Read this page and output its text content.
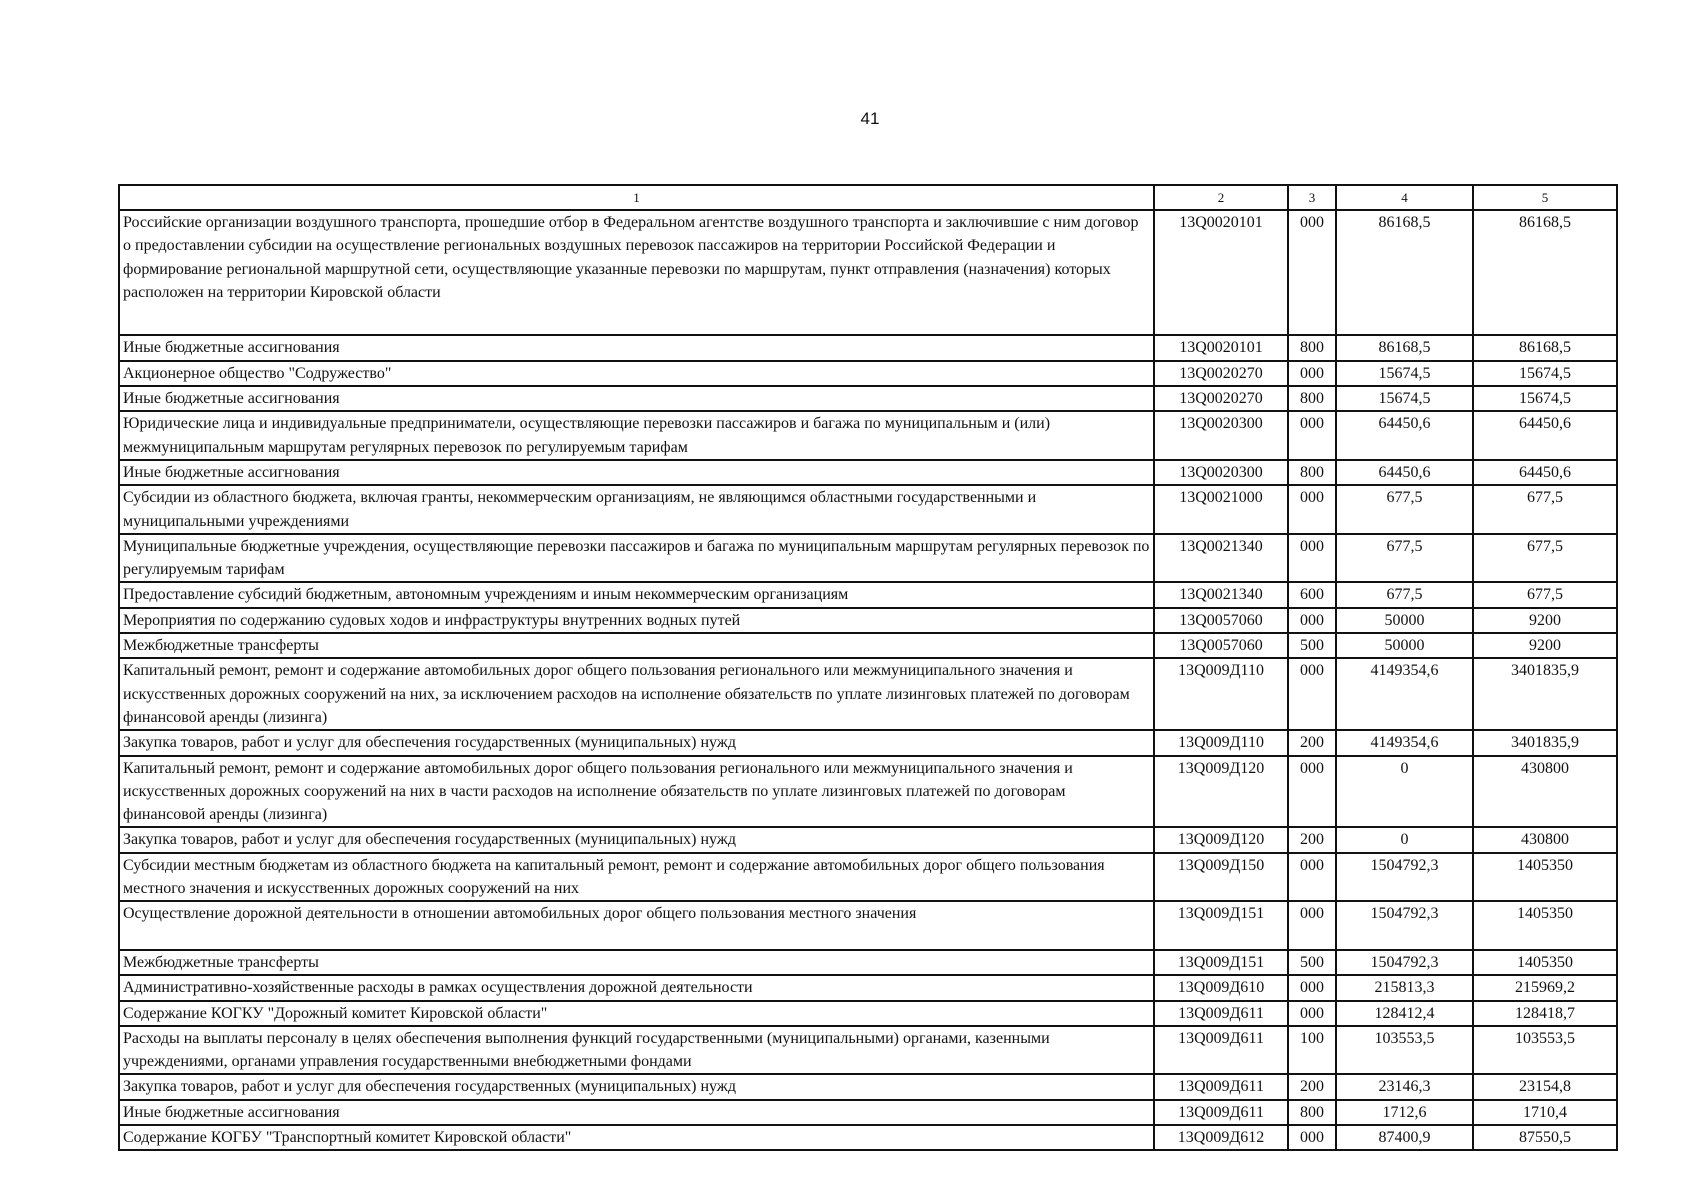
41
1	2	3	4	5
Российские организации воздушного транспорта, прошедшие отбор в Федеральном агентстве воздушного транспорта и заключившие с ним договор о предоставлении субсидии на осуществление региональных воздушных перевозок пассажиров на территории Российской Федерации и формирование региональной маршрутной сети, осуществляющие указанные перевозки по маршрутам, пункт отправления (назначения) которых расположен на территории Кировской области	13Q0020101	000	86168,5	86168,5
Иные бюджетные ассигнования	13Q0020101	800	86168,5	86168,5
Акционерное общество "Содружество"	13Q0020270	000	15674,5	15674,5
Иные бюджетные ассигнования	13Q0020270	800	15674,5	15674,5
Юридические лица и индивидуальные предприниматели, осуществляющие перевозки пассажиров и багажа по муниципальным и (или) межмуниципальным маршрутам регулярных перевозок по регулируемым тарифам	13Q0020300	000	64450,6	64450,6
Иные бюджетные ассигнования	13Q0020300	800	64450,6	64450,6
Субсидии из областного бюджета, включая гранты, некоммерческим организациям, не являющимся областными государственными и муниципальными учреждениями	13Q0021000	000	677,5	677,5
Муниципальные бюджетные учреждения, осуществляющие перевозки пассажиров и багажа по муниципальным маршрутам регулярных перевозок по регулируемым тарифам	13Q0021340	000	677,5	677,5
Предоставление субсидий бюджетным, автономным учреждениям и иным некоммерческим организациям	13Q0021340	600	677,5	677,5
Мероприятия по содержанию судовых ходов и инфраструктуры внутренних водных путей	13Q0057060	000	50000	9200
Межбюджетные трансферты	13Q0057060	500	50000	9200
Капитальный ремонт, ремонт и содержание автомобильных дорог общего пользования регионального или межмуниципального значения и искусственных дорожных сооружений на них, за исключением расходов на исполнение обязательств по уплате лизинговых платежей по договорам финансовой аренды (лизинга)	13Q009Д110	000	4149354,6	3401835,9
Закупка товаров, работ и услуг для обеспечения государственных (муниципальных) нужд	13Q009Д110	200	4149354,6	3401835,9
Капитальный ремонт, ремонт и содержание автомобильных дорог общего пользования регионального или межмуниципального значения и искусственных дорожных сооружений на них в части расходов на исполнение обязательств по уплате лизинговых платежей по договорам финансовой аренды (лизинга)	13Q009Д120	000	0	430800
Закупка товаров, работ и услуг для обеспечения государственных (муниципальных) нужд	13Q009Д120	200	0	430800
Субсидии местным бюджетам из областного бюджета на капитальный ремонт, ремонт и содержание автомобильных дорог общего пользования местного значения и искусственных дорожных сооружений на них	13Q009Д150	000	1504792,3	1405350
Осуществление дорожной деятельности в отношении автомобильных дорог общего пользования местного значения	13Q009Д151	000	1504792,3	1405350
Межбюджетные трансферты	13Q009Д151	500	1504792,3	1405350
Административно-хозяйственные расходы в рамках осуществления дорожной деятельности	13Q009Д610	000	215813,3	215969,2
Содержание КОГКУ "Дорожный комитет Кировской области"	13Q009Д611	000	128412,4	128418,7
Расходы на выплаты персоналу в целях обеспечения выполнения функций государственными (муниципальными) органами, казенными учреждениями, органами управления государственными внебюджетными фондами	13Q009Д611	100	103553,5	103553,5
Закупка товаров, работ и услуг для обеспечения государственных (муниципальных) нужд	13Q009Д611	200	23146,3	23154,8
Иные бюджетные ассигнования	13Q009Д611	800	1712,6	1710,4
Содержание КОГБУ "Транспортный комитет Кировской области"	13Q009Д612	000	87400,9	87550,5
